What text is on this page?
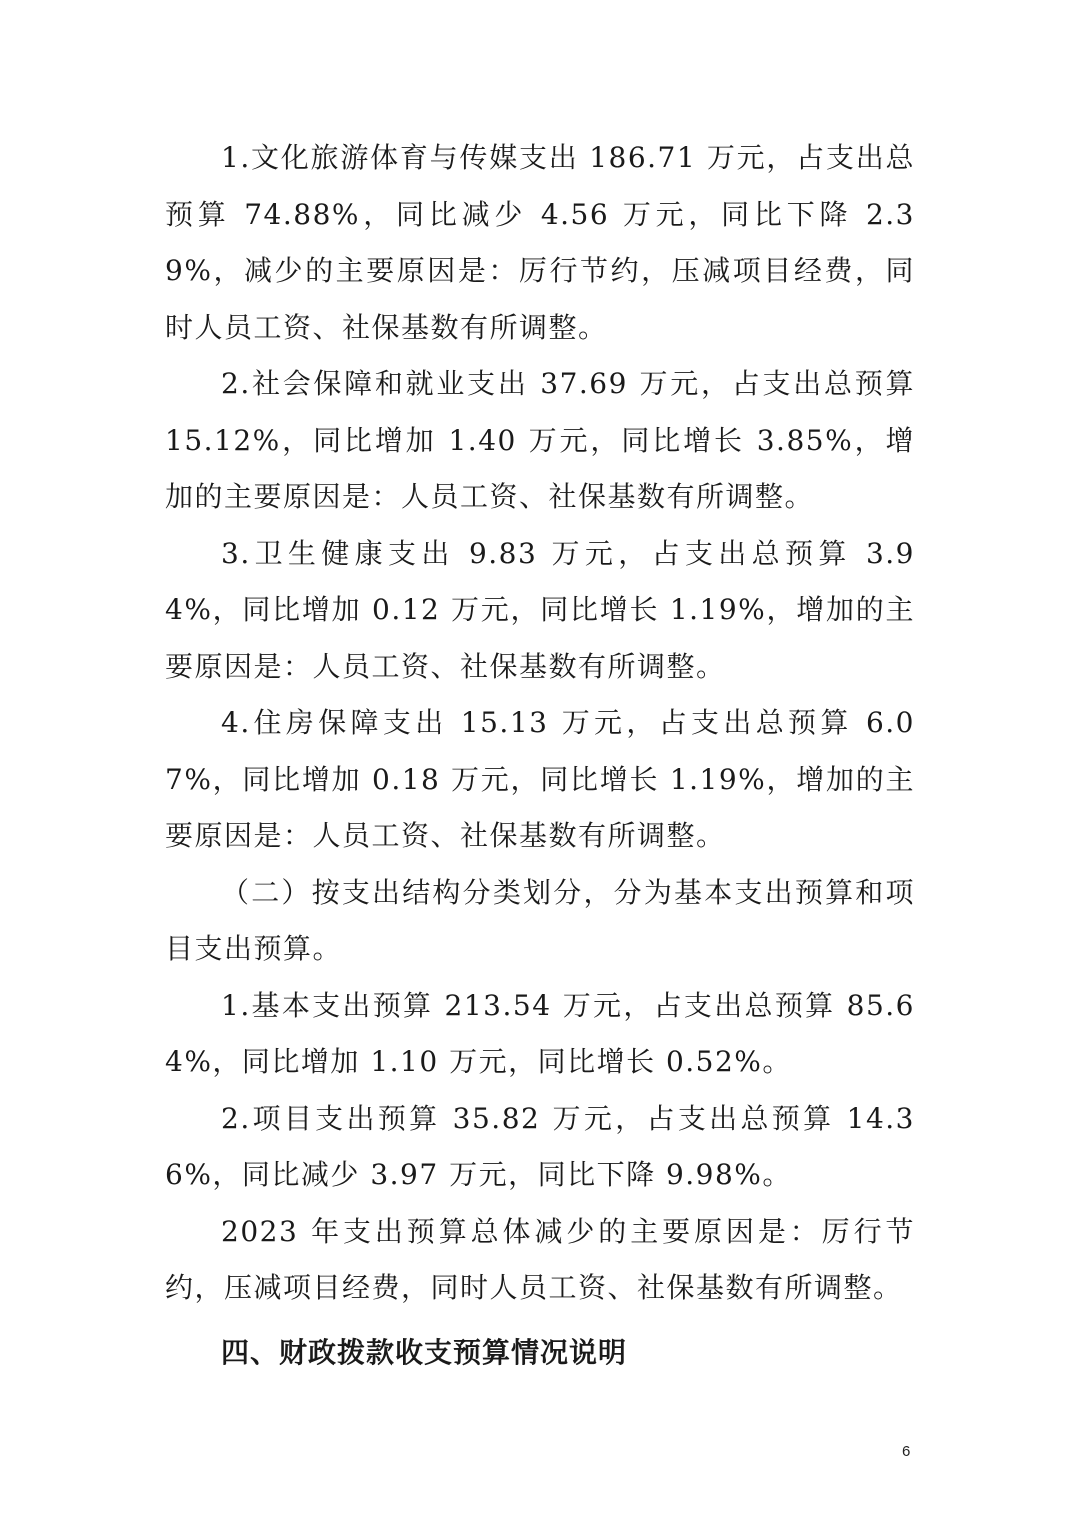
1.文化旅游体育与传媒支出 186.71 万元，占支出总预算 74.88%，同比减少 4.56 万元，同比下降 2.39%，减少的主要原因是：厉行节约，压减项目经费，同时人员工资、社保基数有所调整。

2.社会保障和就业支出 37.69 万元，占支出总预算 15.12%，同比增加 1.40 万元，同比增长 3.85%，增加的主要原因是：人员工资、社保基数有所调整。

3.卫生健康支出 9.83 万元，占支出总预算 3.94%，同比增加 0.12 万元，同比增长 1.19%，增加的主要原因是：人员工资、社保基数有所调整。

4.住房保障支出 15.13 万元，占支出总预算 6.07%，同比增加 0.18 万元，同比增长 1.19%，增加的主要原因是：人员工资、社保基数有所调整。

（二）按支出结构分类划分，分为基本支出预算和项目支出预算。

1.基本支出预算 213.54 万元，占支出总预算 85.64%，同比增加 1.10 万元，同比增长 0.52%。

2.项目支出预算 35.82 万元，占支出总预算 14.36%，同比减少 3.97 万元，同比下降 9.98%。

2023 年支出预算总体减少的主要原因是：厉行节约，压减项目经费，同时人员工资、社保基数有所调整。

四、财政拨款收支预算情况说明
6
